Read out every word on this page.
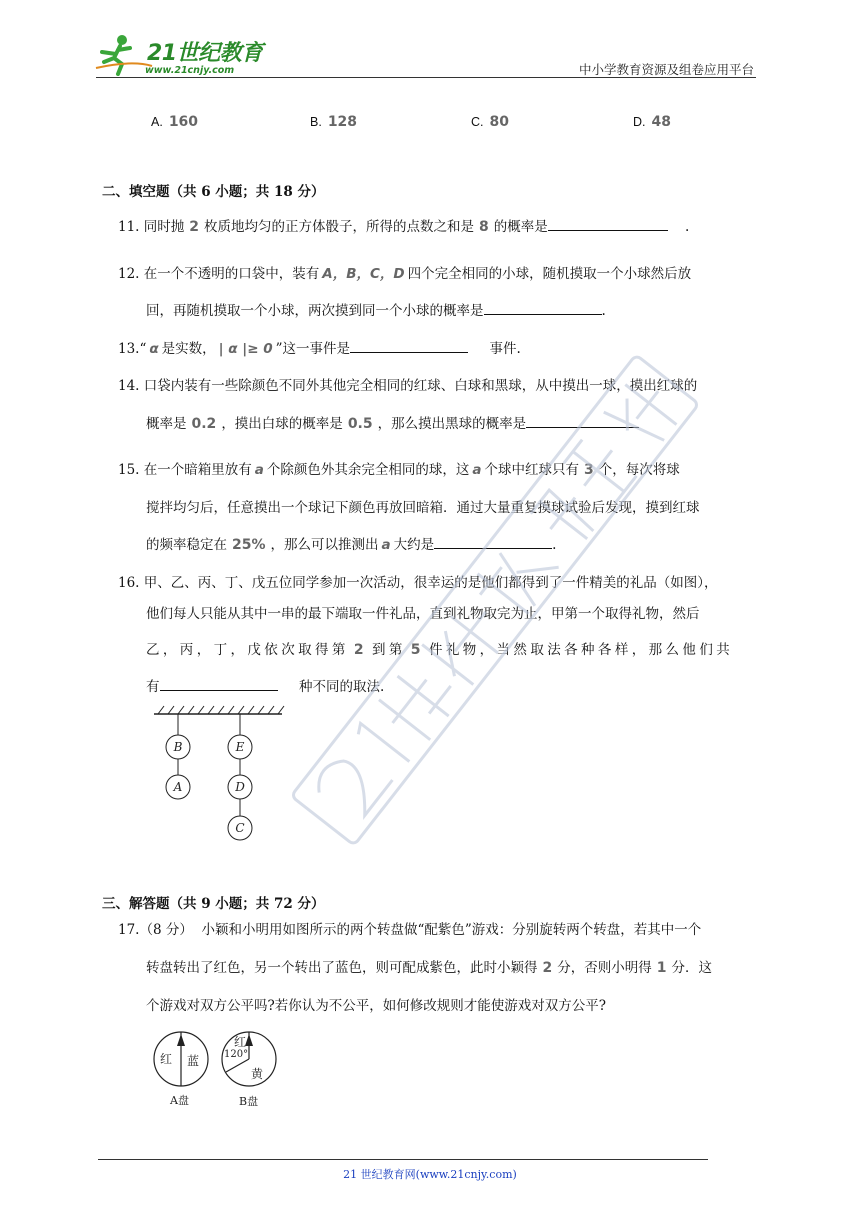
21世纪教育
www.21cnjy.com	中小学教育资源及组卷应用平台
A. 160	B. 128	C. 80	D. 48
二、填空题（共 6 小题；共 18 分）
11. 同时抛 2 枚质地均匀的正方体骰子，所得的点数之和是 8 的概率是	.
12. 在一个不透明的口袋中，装有 A，B，C，D 四个完全相同的小球，随机摸取一个小球然后放
回，再随机摸取一个小球，两次摸到同一个小球的概率是	.
13.“ α 是实数， | α |≥ 0 ”这一事件是	事件.
14. 口袋内装有一些除颜色不同外其他完全相同的红球、白球和黑球，从中摸出一球，摸出红球的
概率是 0.2 ，摸出白球的概率是 0.5 ，那么摸出黑球的概率是
15. 在一个暗箱里放有 a 个除颜色外其余完全相同的球，这 a 个球中红球只有 3 个，每次将球
搅拌均匀后，任意摸出一个球记下颜色再放回暗箱．通过大量重复摸球试验后发现，摸到红球
的频率稳定在 25% ，那么可以推测出 a 大约是	.
16. 甲、乙、丙、丁、戊五位同学参加一次活动，很幸运的是他们都得到了一件精美的礼品（如图），
他们每人只能从其中一串的最下端取一件礼品，直到礼物取完为止，甲第一个取得礼物，然后
乙，丙，丁，戊依次取得第 2 到第 5 件礼物，当然取法各种各样，那么他们共
有	种不同的取法.
B
A
E
D
C
三、解答题（共 9 小题；共 72 分）
17.（8 分） 小颖和小明用如图所示的两个转盘做“配紫色”游戏：分别旋转两个转盘，若其中一个
转盘转出了红色，另一个转出了蓝色，则可配成紫色，此时小颖得 2 分，否则小明得 1 分．这
个游戏对双方公平吗?若你认为不公平，如何修改规则才能使游戏对双方公平?
红 蓝
红
120°
黄
A盘	B盘
21 世纪教育网(www.21cnjy.com)
